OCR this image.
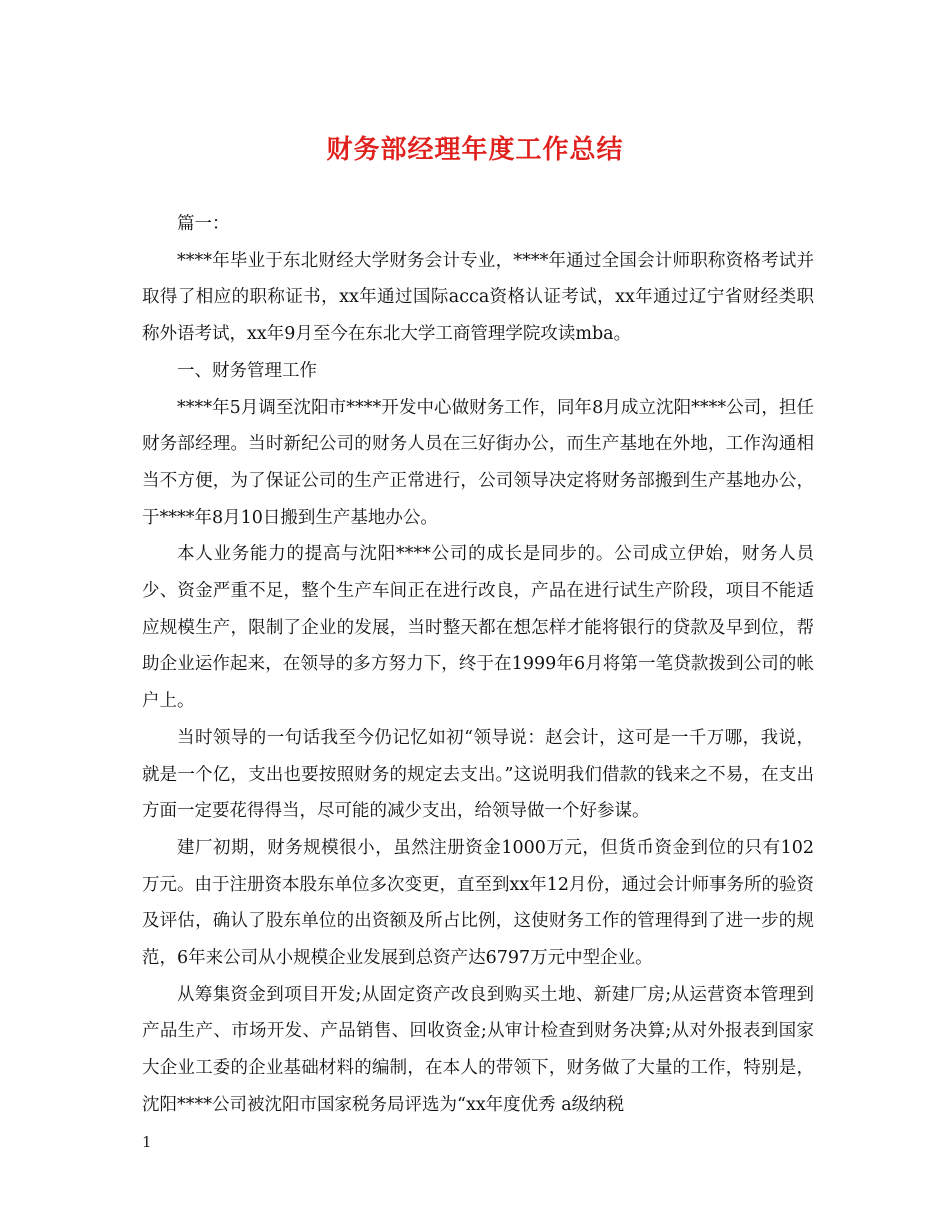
财务部经理年度工作总结

篇一：

****年毕业于东北财经大学财务会计专业，****年通过全国会计师职称资格考试并取得了相应的职称证书，xx年通过国际acca资格认证考试，xx年通过辽宁省财经类职称外语考试，xx年9月至今在东北大学工商管理学院攻读mba。

一、财务管理工作

****年5月调至沈阳市****开发中心做财务工作，同年8月成立沈阳****公司，担任财务部经理。当时新纪公司的财务人员在三好街办公，而生产基地在外地，工作沟通相当不方便，为了保证公司的生产正常进行，公司领导决定将财务部搬到生产基地办公，于****年8月10日搬到生产基地办公。

本人业务能力的提高与沈阳****公司的成长是同步的。公司成立伊始，财务人员少、资金严重不足，整个生产车间正在进行改良，产品在进行试生产阶段，项目不能适应规模生产，限制了企业的发展，当时整天都在想怎样才能将银行的贷款及早到位，帮助企业运作起来，在领导的多方努力下，终于在1999年6月将第一笔贷款拨到公司的帐户上。

当时领导的一句话我至今仍记忆如初“领导说：赵会计，这可是一千万哪，我说，就是一个亿，支出也要按照财务的规定去支出。”这说明我们借款的钱来之不易，在支出方面一定要花得得当，尽可能的减少支出，给领导做一个好参谋。

建厂初期，财务规模很小，虽然注册资金1000万元，但货币资金到位的只有102万元。由于注册资本股东单位多次变更，直至到xx年12月份，通过会计师事务所的验资及评估，确认了股东单位的出资额及所占比例，这使财务工作的管理得到了进一步的规范，6年来公司从小规模企业发展到总资产达6797万元中型企业。

从筹集资金到项目开发;从固定资产改良到购买土地、新建厂房;从运营资本管理到产品生产、市场开发、产品销售、回收资金;从审计检查到财务决算;从对外报表到国家大企业工委的企业基础材料的编制，在本人的带领下，财务做了大量的工作，特别是，沈阳****公司被沈阳市国家税务局评选为“xx年度优秀 a级纳税

1
